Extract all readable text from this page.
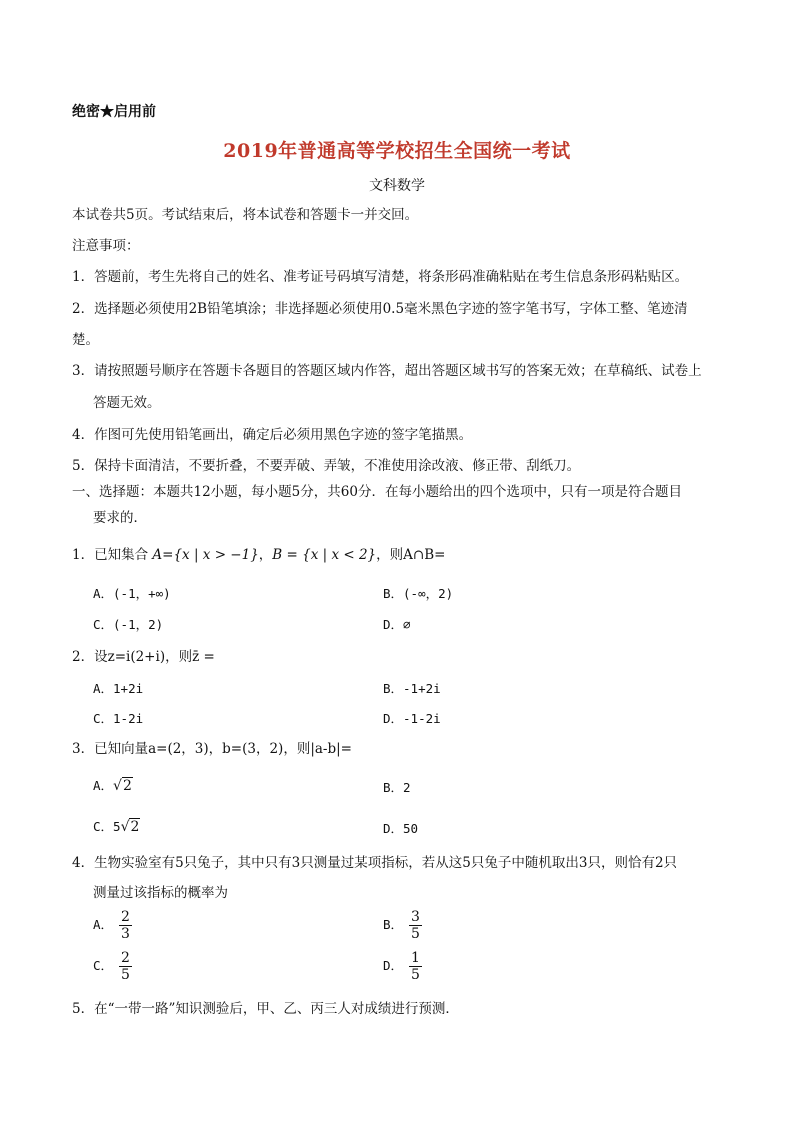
绝密★启用前
2019年普通高等学校招生全国统一考试
文科数学
本试卷共5页。考试结束后，将本试卷和答题卡一并交回。
注意事项：
1．答题前，考生先将自己的姓名、准考证号码填写清楚，将条形码准确粘贴在考生信息条形码粘贴区。
2．选择题必须使用2B铅笔填涂；非选择题必须使用0.5毫米黑色字迹的签字笔书写，字体工整、笔迹清
楚。
3．请按照题号顺序在答题卡各题目的答题区域内作答，超出答题区域书写的答案无效；在草稿纸、试卷上
答题无效。
4．作图可先使用铅笔画出，确定后必须用黑色字迹的签字笔描黑。
5．保持卡面清洁，不要折叠，不要弄破、弄皱，不准使用涂改液、修正带、刮纸刀。
一、选择题：本题共12小题，每小题5分，共60分．在每小题给出的四个选项中，只有一项是符合题目
要求的．
1．已知集合 A={x | x > −1}，B = {x | x < 2}，则A∩B=
A．(-1，+∞)	B．(-∞，2)
C．(-1，2)	D．∅
2．设z=i(2+i)，则z̄ =
A．1+2i	B．-1+2i
C．1-2i	D．-1-2i
3．已知向量a=(2，3)，b=(3，2)，则|a-b|=
A．√2	B．2
C．5√2	D．50
4．生物实验室有5只兔子，其中只有3只测量过某项指标，若从这5只兔子中随机取出3只，则恰有2只
测量过该指标的概率为
A． $\frac{2}{3}$	B． $\frac{3}{5}$
C． $\frac{2}{5}$	D． $\frac{1}{5}$
5．在“一带一路”知识测验后，甲、乙、丙三人对成绩进行预测．
